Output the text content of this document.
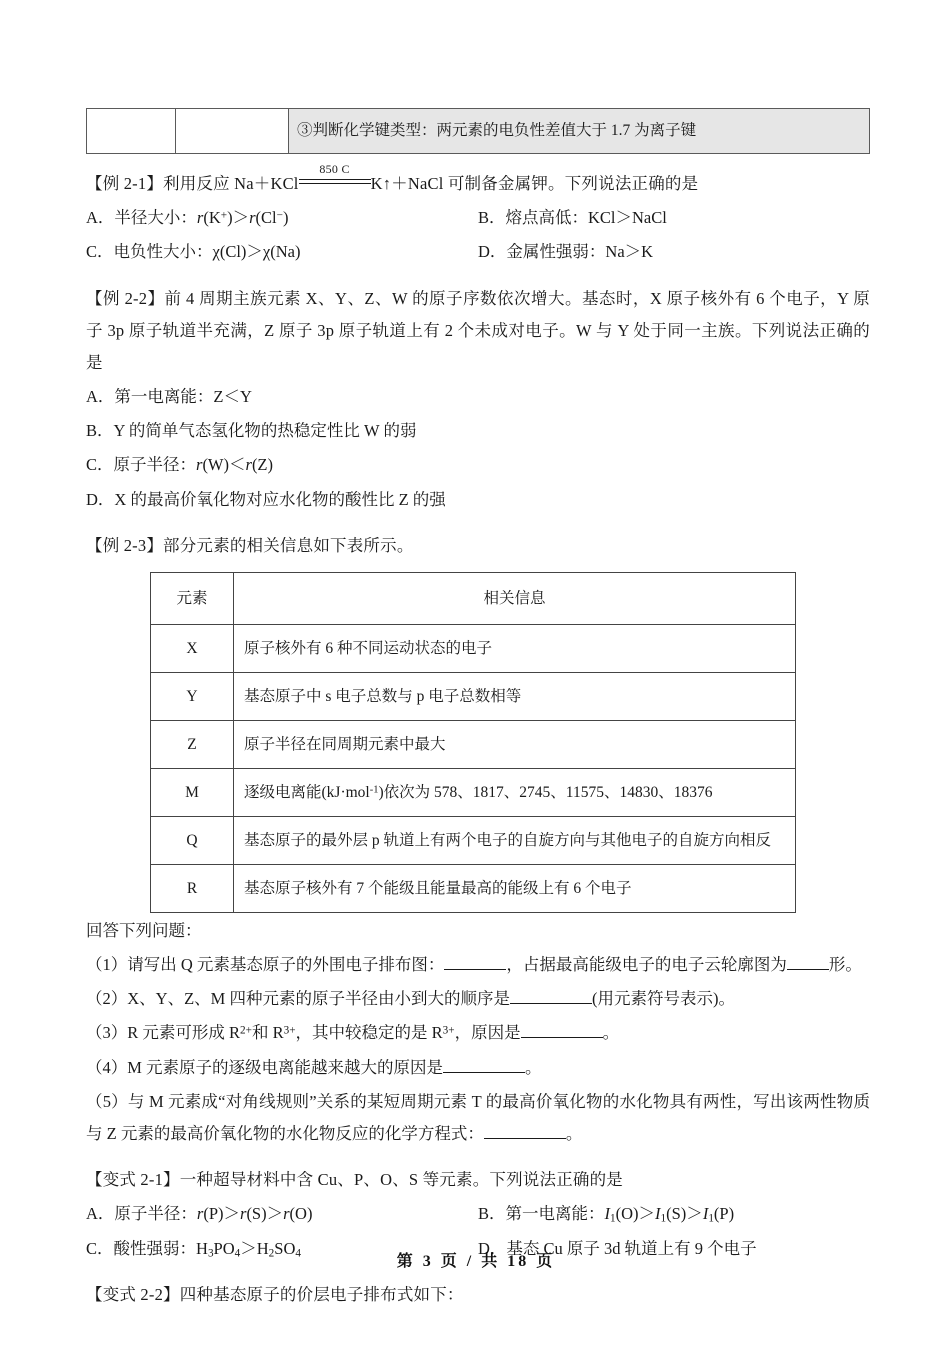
		③判断化学键类型：两元素的电负性差值大于 1.7 为离子键
【例 2-1】利用反应 Na＋KCl
850 C
K↑＋NaCl 可制备金属钾。下列说法正确的是
A．半径大小：r(K+)＞r(Cl−)	B．熔点高低：KCl＞NaCl
C．电负性大小：χ(Cl)＞χ(Na)	D．金属性强弱：Na＞K
【例 2-2】前 4 周期主族元素 X、Y、Z、W 的原子序数依次增大。基态时，X 原子核外有 6 个电子，Y 原子 3p 原子轨道半充满，Z 原子 3p 原子轨道上有 2 个未成对电子。W 与 Y 处于同一主族。下列说法正确的是
A．第一电离能：Z＜Y
B．Y 的简单气态氢化物的热稳定性比 W 的弱
C．原子半径：r(W)＜r(Z)
D．X 的最高价氧化物对应水化物的酸性比 Z 的强
【例 2-3】部分元素的相关信息如下表所示。
元素	相关信息
X	原子核外有 6 种不同运动状态的电子
Y	基态原子中 s 电子总数与 p 电子总数相等
Z	原子半径在同周期元素中最大
M	逐级电离能(kJ·mol$^{-1}$)依次为 578、1817、2745、11575、14830、18376
Q	基态原子的最外层 p 轨道上有两个电子的自旋方向与其他电子的自旋方向相反
R	基态原子核外有 7 个能级且能量最高的能级上有 6 个电子
回答下列问题：
（1）请写出 Q 元素基态原子的外围电子排布图：	，占据最高能级电子的电子云轮廓图为	形。
（2）X、Y、Z、M 四种元素的原子半径由小到大的顺序是	(用元素符号表示)。
（3）R 元素可形成 $R^{2+}$和 $R^{3+}$，其中较稳定的是 $R^{3+}$，原因是	。
（4）M 元素原子的逐级电离能越来越大的原因是	。
（5）与 M 元素成“对角线规则”关系的某短周期元素 T 的最高价氧化物的水化物具有两性，写出该两性物质与 Z 元素的最高价氧化物的水化物反应的化学方程式：	。
【变式 2-1】一种超导材料中含 Cu、P、O、S 等元素。下列说法正确的是
A．原子半径：r(P)＞r(S)＞r(O)	B．第一电离能：$I_1(O)>I_1(S)>I_1(P)$
C．酸性强弱：$H_3PO_4>H_2SO_4$	D．基态 Cu 原子 3d 轨道上有 9 个电子
【变式 2-2】四种基态原子的价层电子排布式如下：
第 3 页 / 共 18 页
